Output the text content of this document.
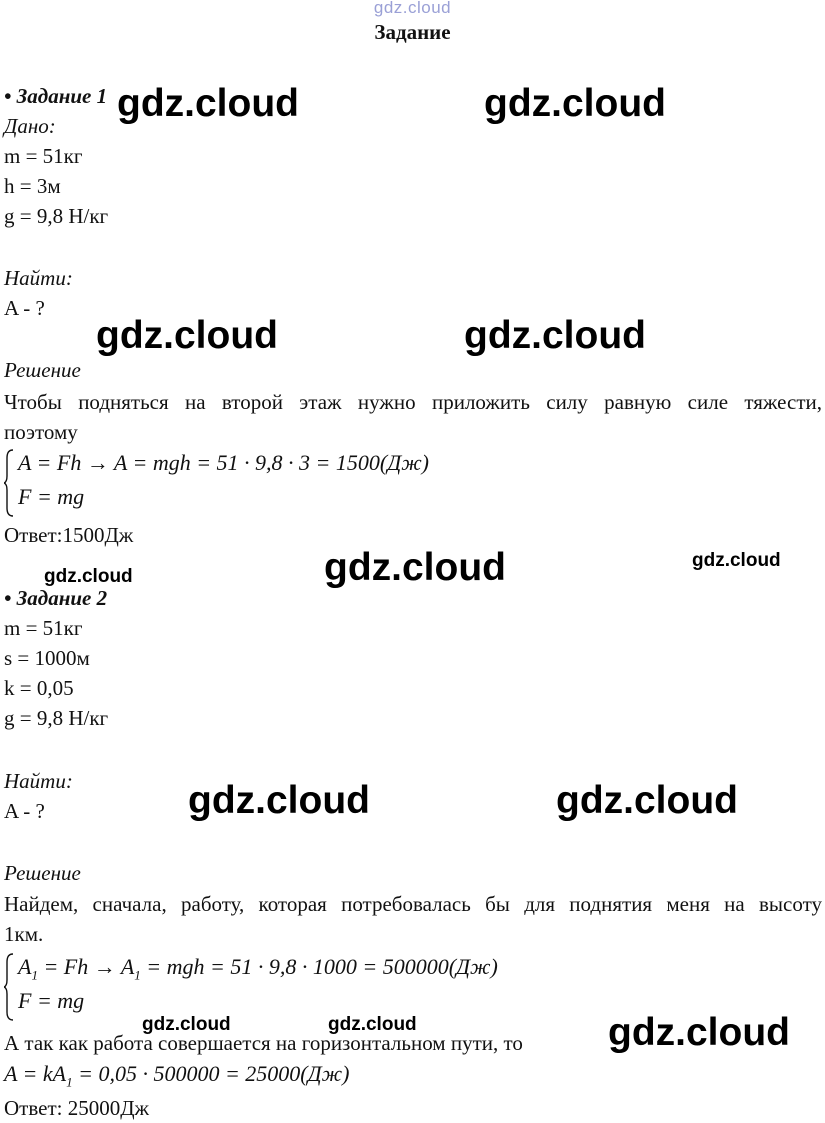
gdz.cloud
Задание
• Задание 1
Дано:
m = 51кг
h = 3м
g = 9,8 Н/кг
Найти:
A - ?
Решение
Чтобы подняться на второй этаж нужно приложить силу равную силе тяжести,
поэтому
A = Fh → A = mgh = 51 · 9,8 · 3 = 1500(Дж)
F = mg
Ответ:1500Дж
• Задание 2
m = 51кг
s = 1000м
k = 0,05
g = 9,8 Н/кг
Найти:
A - ?
Решение
Найдем, сначала, работу, которая потребовалась бы для поднятия меня на высоту
1км.
$A_1 = Fh \to A_1$ = mgh = 51 · 9,8 · 1000 = 500000(Дж)
F = mg
А так как работа совершается на горизонтальном пути, то
$A = kA_1 = 0,05 \cdot 500000 = 25000(Дж)$
Ответ: 25000Дж
gdz.cloud	gdz.cloud
gdz.cloud	gdz.cloud
gdz.cloud	gdz.cloud
gdz.cloud
gdz.cloud	gdz.cloud
gdz.cloud	gdz.cloud	gdz.cloud
